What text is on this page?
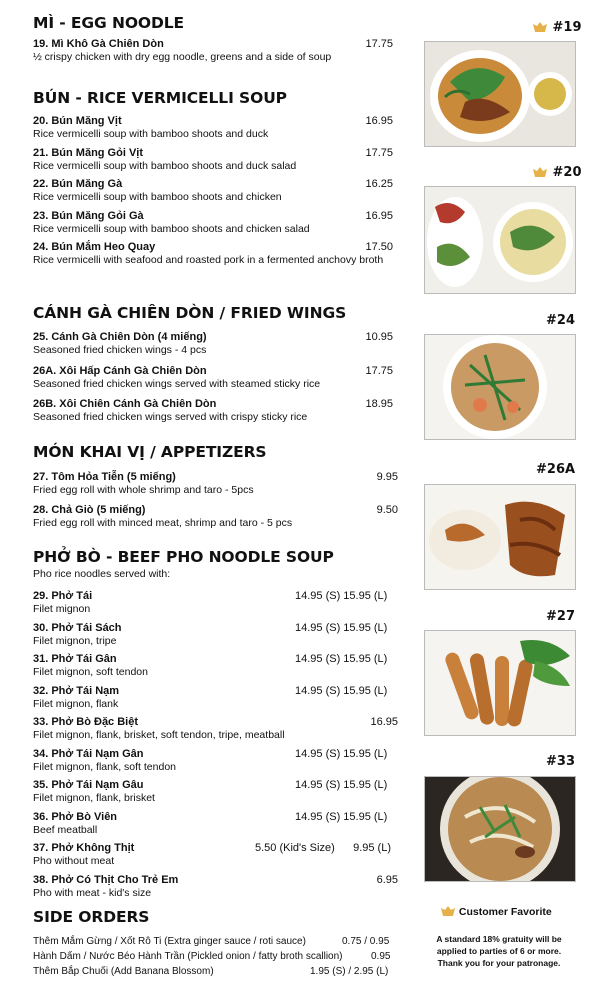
MÌ - EGG NOODLE
19. Mì Khô Gà Chiên Dòn	17.75
½ crispy chicken with dry egg noodle, greens and a side of soup
BÚN - RICE VERMICELLI SOUP
20. Bún Măng Vịt	16.95
Rice vermicelli soup with bamboo shoots and duck
21. Bún Măng Gỏi Vịt	17.75
Rice vermicelli soup with bamboo shoots and duck salad
22. Bún Măng Gà	16.25
Rice vermicelli soup with bamboo shoots and chicken
23. Bún Măng Gỏi Gà	16.95
Rice vermicelli soup with bamboo shoots and chicken salad
24. Bún Mắm Heo Quay	17.50
Rice vermicelli with seafood and roasted pork in a fermented anchovy broth
CÁNH GÀ CHIÊN DÒN / FRIED WINGS
25. Cánh Gà Chiên Dòn (4 miếng)	10.95
Seasoned fried chicken wings - 4 pcs
26A. Xôi Hấp Cánh Gà Chiên Dòn	17.75
Seasoned fried chicken wings served with steamed sticky rice
26B. Xôi Chiên Cánh Gà Chiên Dòn	18.95
Seasoned fried chicken wings served with crispy sticky rice
MÓN KHAI VỊ / APPETIZERS
27. Tôm Hỏa Tiễn (5 miếng)	9.95
Fried egg roll with whole shrimp and taro - 5pcs
28. Chả Giò (5 miếng)	9.50
Fried egg roll with minced meat, shrimp and taro - 5 pcs
PHỞ BÒ - BEEF PHO NOODLE SOUP
Pho rice noodles served with:
29. Phở Tái	14.95 (S) 15.95 (L)
Filet mignon
30. Phở Tái Sách	14.95 (S) 15.95 (L)
Filet mignon, tripe
31. Phở Tái Gân	14.95 (S) 15.95 (L)
Filet mignon, soft tendon
32. Phở Tái Nạm	14.95 (S) 15.95 (L)
Filet mignon, flank
33. Phở Bò Đặc Biệt	16.95
Filet mignon, flank, brisket, soft tendon, tripe, meatball
34. Phở Tái Nạm Gân	14.95 (S) 15.95 (L)
Filet mignon, flank, soft tendon
35. Phở Tái Nạm Gâu	14.95 (S) 15.95 (L)
Filet mignon, flank, brisket
36. Phở Bò Viên	14.95 (S) 15.95 (L)
Beef meatball
37. Phở Không Thịt	5.50 (Kid's Size)      9.95 (L)
Pho without meat
38. Phở Có Thịt Cho Trẻ Em	6.95
Pho with meat - kid's size
SIDE ORDERS
Thêm Mắm Gừng / Xốt Rô Ti (Extra ginger sauce / roti sauce)	0.75 / 0.95
Hành Dấm / Nước Béo Hành Trần (Pickled onion / fatty broth scallion)	0.95
Thêm Bắp Chuối (Add Banana Blossom)	1.95 (S) / 2.95 (L)
#19
#20
#24
#26A
#27
#33
Customer Favorite
A standard 18% gratuity will be
applied to parties of 6 or more.
Thank you for your patronage.
